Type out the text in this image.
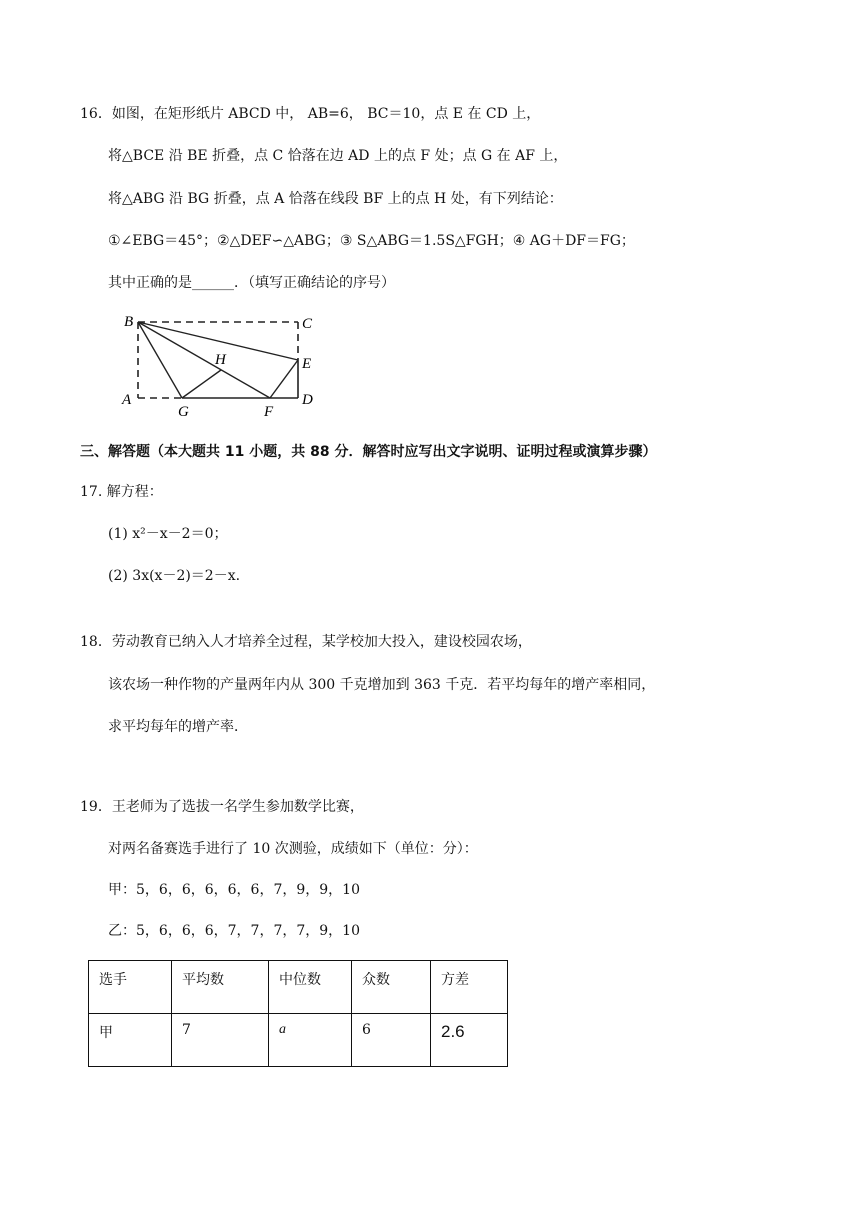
16．如图，在矩形纸片 ABCD 中， AB=6， BC＝10，点 E 在 CD 上，
将△BCE 沿 BE 折叠，点 C 恰落在边 AD 上的点 F 处；点 G 在 AF 上，
将△ABG 沿 BG 折叠，点 A 恰落在线段 BF 上的点 H 处，有下列结论：
①∠EBG＝45°；②△DEF∽△ABG；③ S△ABG＝1.5S△FGH；④ AG＋DF＝FG；
其中正确的是______．（填写正确结论的序号）
B	C
H	E
A
G	F
D
三、解答题（本大题共 11 小题，共 88 分．解答时应写出文字说明、证明过程或演算步骤）
17. 解方程：
(1) x²－x－2＝0；
(2) 3x(x－2)＝2－x.
18．劳动教育已纳入人才培养全过程，某学校加大投入，建设校园农场，
该农场一种作物的产量两年内从 300 千克增加到 363 千克．若平均每年的增产率相同，
求平均每年的增产率．
19．王老师为了选拔一名学生参加数学比赛，
对两名备赛选手进行了 10 次测验，成绩如下（单位：分）：
甲：5，6，6，6，6，6，7，9，9，10
乙：5，6，6，6，7，7，7，7，9，10
选手	平均数	中位数	众数	方差
甲	7	a	6	2.6
